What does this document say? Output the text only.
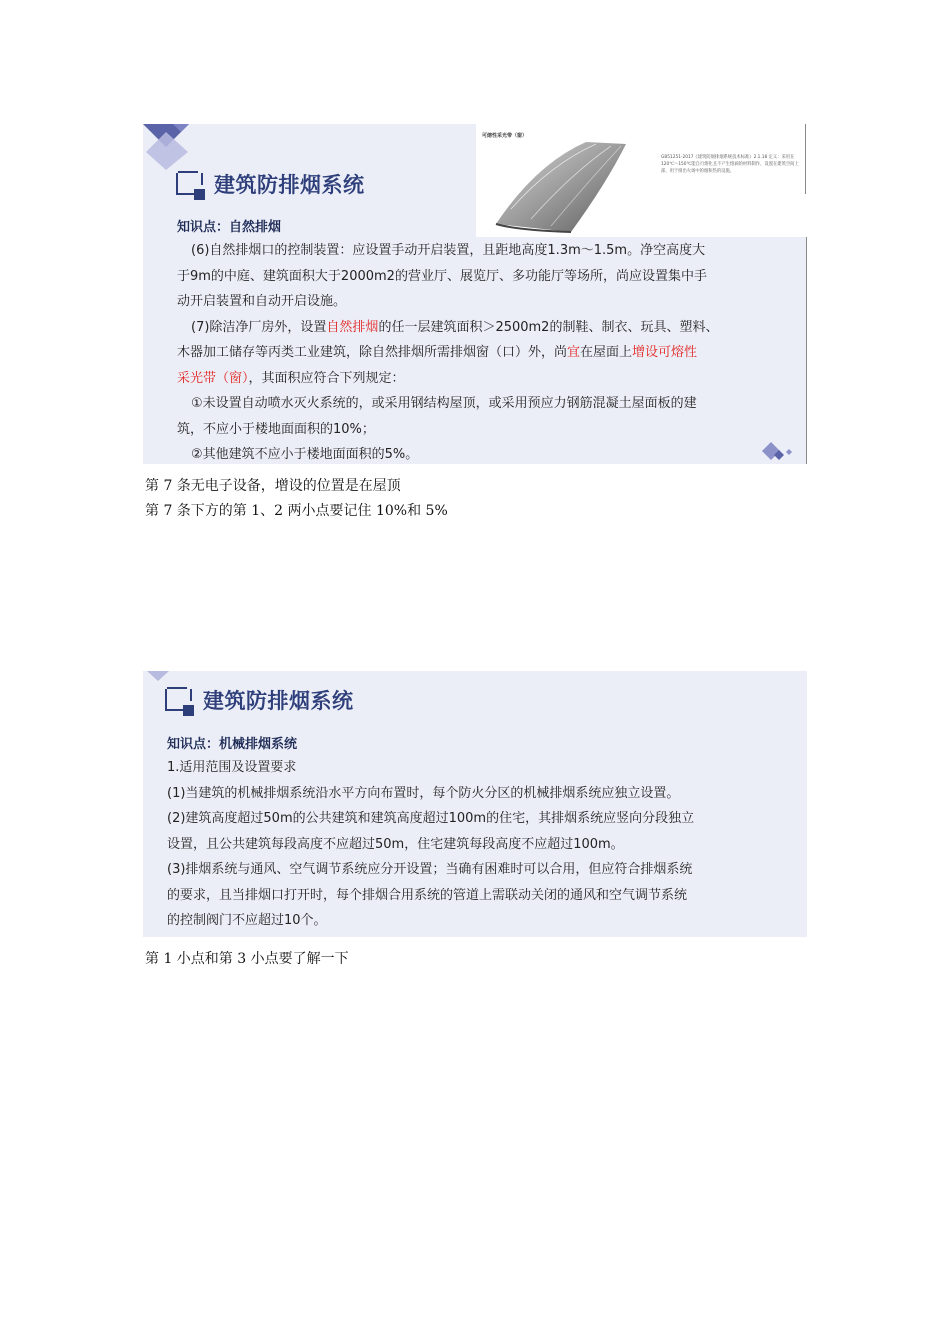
建筑防排烟系统
可熔性采光带（窗）
GB51251-2017《建筑防烟排烟系统技术标准》2.1.18 定义：采用在120℃～150℃能自行熔化且不产生熔滴的材料制作，设置在建筑空间上部，用于排出火场中的烟和热的设施。
知识点：自然排烟
(6)自然排烟口的控制装置：应设置手动开启装置，且距地高度1.3m～1.5m。净空高度大
于9m的中庭、建筑面积大于2000m2的营业厅、展览厅、多功能厅等场所，尚应设置集中手
动开启装置和自动开启设施。
(7)除洁净厂房外，设置自然排烟的任一层建筑面积＞2500m2的制鞋、制衣、玩具、塑料、
木器加工储存等丙类工业建筑，除自然排烟所需排烟窗（口）外，尚宜在屋面上增设可熔性
采光带（窗），其面积应符合下列规定：
①未设置自动喷水灭火系统的，或采用钢结构屋顶，或采用预应力钢筋混凝土屋面板的建
筑，不应小于楼地面面积的10%；
②其他建筑不应小于楼地面面积的5%。
第 7 条无电子设备，增设的位置是在屋顶
第 7 条下方的第 1、2 两小点要记住 10%和 5%
建筑防排烟系统
知识点：机械排烟系统
1.适用范围及设置要求
(1)当建筑的机械排烟系统沿水平方向布置时，每个防火分区的机械排烟系统应独立设置。
(2)建筑高度超过50m的公共建筑和建筑高度超过100m的住宅，其排烟系统应竖向分段独立
设置，且公共建筑每段高度不应超过50m，住宅建筑每段高度不应超过100m。
(3)排烟系统与通风、空气调节系统应分开设置；当确有困难时可以合用，但应符合排烟系统
的要求，且当排烟口打开时，每个排烟合用系统的管道上需联动关闭的通风和空气调节系统
的控制阀门不应超过10个。
第 1 小点和第 3 小点要了解一下
